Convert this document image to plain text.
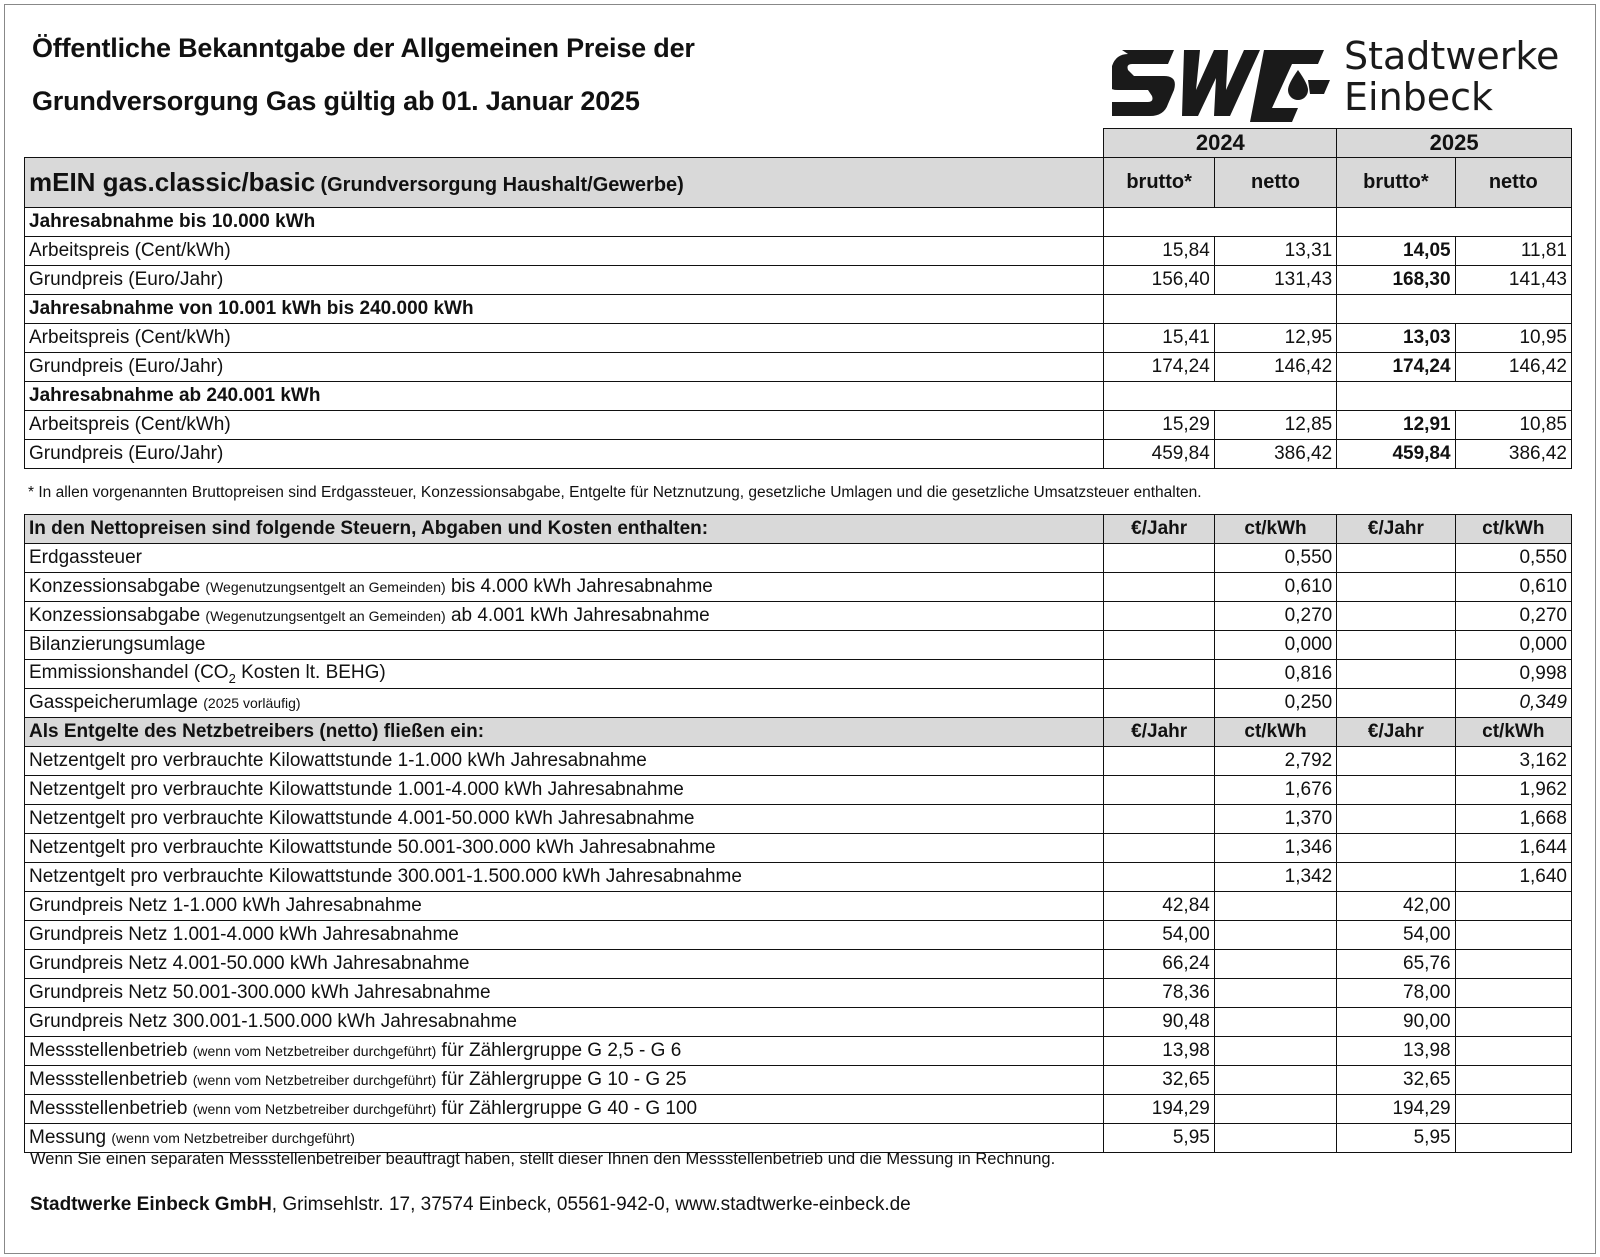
Öffentliche Bekanntgabe der Allgemeinen Preise der
Grundversorgung Gas gültig ab 01. Januar 2025
Stadtwerke
Einbeck
	2024		2025	
mEIN gas.classic/basic (Grundversorgung Haushalt/Gewerbe)	brutto*	netto	brutto*	netto
Jahresabnahme bis 10.000 kWh				
Arbeitspreis (Cent/kWh)	15,84	13,31	14,05	11,81
Grundpreis (Euro/Jahr)	156,40	131,43	168,30	141,43
Jahresabnahme von 10.001 kWh bis 240.000 kWh				
Arbeitspreis (Cent/kWh)	15,41	12,95	13,03	10,95
Grundpreis (Euro/Jahr)	174,24	146,42	174,24	146,42
Jahresabnahme ab 240.001 kWh				
Arbeitspreis (Cent/kWh)	15,29	12,85	12,91	10,85
Grundpreis (Euro/Jahr)	459,84	386,42	459,84	386,42
* In allen vorgenannten Bruttopreisen sind Erdgassteuer, Konzessionsabgabe, Entgelte für Netznutzung, gesetzliche Umlagen und die gesetzliche Umsatzsteuer enthalten.
In den Nettopreisen sind folgende Steuern, Abgaben und Kosten enthalten:	€/Jahr	ct/kWh	€/Jahr	ct/kWh
Erdgassteuer		0,550		0,550
Konzessionsabgabe (Wegenutzungsentgelt an Gemeinden) bis 4.000 kWh Jahresabnahme		0,610		0,610
Konzessionsabgabe (Wegenutzungsentgelt an Gemeinden) ab 4.001 kWh Jahresabnahme		0,270		0,270
Bilanzierungsumlage		0,000		0,000
Emmissionshandel ($CO_2$ Kosten lt. BEHG)		0,816		0,998
Gasspeicherumlage (2025 vorläufig)		0,250		0,349
Als Entgelte des Netzbetreibers (netto) fließen ein:	€/Jahr	ct/kWh	€/Jahr	ct/kWh
Netzentgelt pro verbrauchte Kilowattstunde 1-1.000 kWh Jahresabnahme		2,792		3,162
Netzentgelt pro verbrauchte Kilowattstunde 1.001-4.000 kWh Jahresabnahme		1,676		1,962
Netzentgelt pro verbrauchte Kilowattstunde 4.001-50.000 kWh Jahresabnahme		1,370		1,668
Netzentgelt pro verbrauchte Kilowattstunde 50.001-300.000 kWh Jahresabnahme		1,346		1,644
Netzentgelt pro verbrauchte Kilowattstunde 300.001-1.500.000 kWh Jahresabnahme		1,342		1,640
Grundpreis Netz 1-1.000 kWh Jahresabnahme	42,84		42,00	
Grundpreis Netz 1.001-4.000 kWh Jahresabnahme	54,00		54,00	
Grundpreis Netz 4.001-50.000 kWh Jahresabnahme	66,24		65,76	
Grundpreis Netz 50.001-300.000 kWh Jahresabnahme	78,36		78,00	
Grundpreis Netz 300.001-1.500.000 kWh Jahresabnahme	90,48		90,00	
Messstellenbetrieb (wenn vom Netzbetreiber durchgeführt) für Zählergruppe G 2,5 - G 6	13,98		13,98	
Messstellenbetrieb (wenn vom Netzbetreiber durchgeführt) für Zählergruppe G 10 - G 25	32,65		32,65	
Messstellenbetrieb (wenn vom Netzbetreiber durchgeführt) für Zählergruppe G 40 - G 100	194,29		194,29	
Messung (wenn vom Netzbetreiber durchgeführt)	5,95		5,95	
Wenn Sie einen separaten Messstellenbetreiber beauftragt haben, stellt dieser Ihnen den Messstellenbetrieb und die Messung in Rechnung.
Stadtwerke Einbeck GmbH, Grimsehlstr. 17, 37574 Einbeck, 05561-942-0, www.stadtwerke-einbeck.de
